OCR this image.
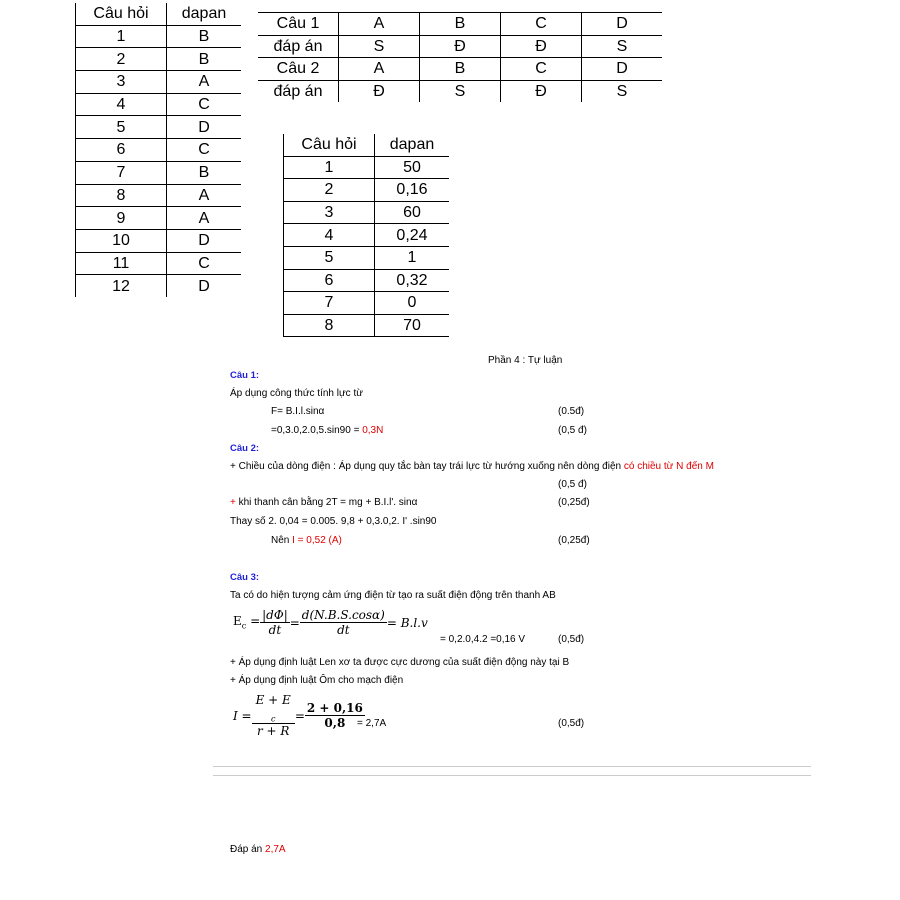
Câu hỏi	dapan
1	B
2	B
3	A
4	C
5	D
6	C
7	B
8	A
9	A
10	D
11	C
12	D
Câu 1	A	B	C	D
đáp án	S	Đ	Đ	S
Câu 2	A	B	C	D
đáp án	Đ	S	Đ	S
Câu hỏi	dapan
1	50
2	0,16
3	60
4	0,24
5	1
6	0,32
7	0
8	70
Phần 4 : Tự luận
Câu 1:
Áp dụng công thức tính lực từ
F= B.I.l.sinα	(0.5đ)
=0,3.0,2.0,5.sin90 = 0,3N	(0,5 đ)
Câu 2:
+ Chiều của dòng điện : Áp dụng quy tắc bàn tay trái lực từ hướng xuống nên dòng điện có chiều từ N đến M
(0,5 đ)
+ khi thanh cân bằng 2T = mg + B.I.l'. sinα	(0,25đ)
Thay số 2. 0,04 = 0.005. 9,8 + 0,3.0,2. I' .sin90
Nên I = 0,52 (A)	(0,25đ)
Câu 3:
Ta có do hiện tượng cảm ứng điện từ tạo ra suất điện động trên thanh AB
$E_c = \frac{|d\Phi|}{dt} = \frac{d(N.B.S.\cos\alpha)}{dt} = B.l.v$
= 0,2.0,4.2 =0,16 V	(0,5đ)
+ Áp dụng định luật Len xơ ta được cực dương của suất điện động này tại B
+ Áp dụng định luật Ôm cho mạch điện
I = E + E
$_c$
$r + R = \frac{2 + 0,16}{0,8}$
= 2,7A	(0,5đ)
Đáp án 2,7A
